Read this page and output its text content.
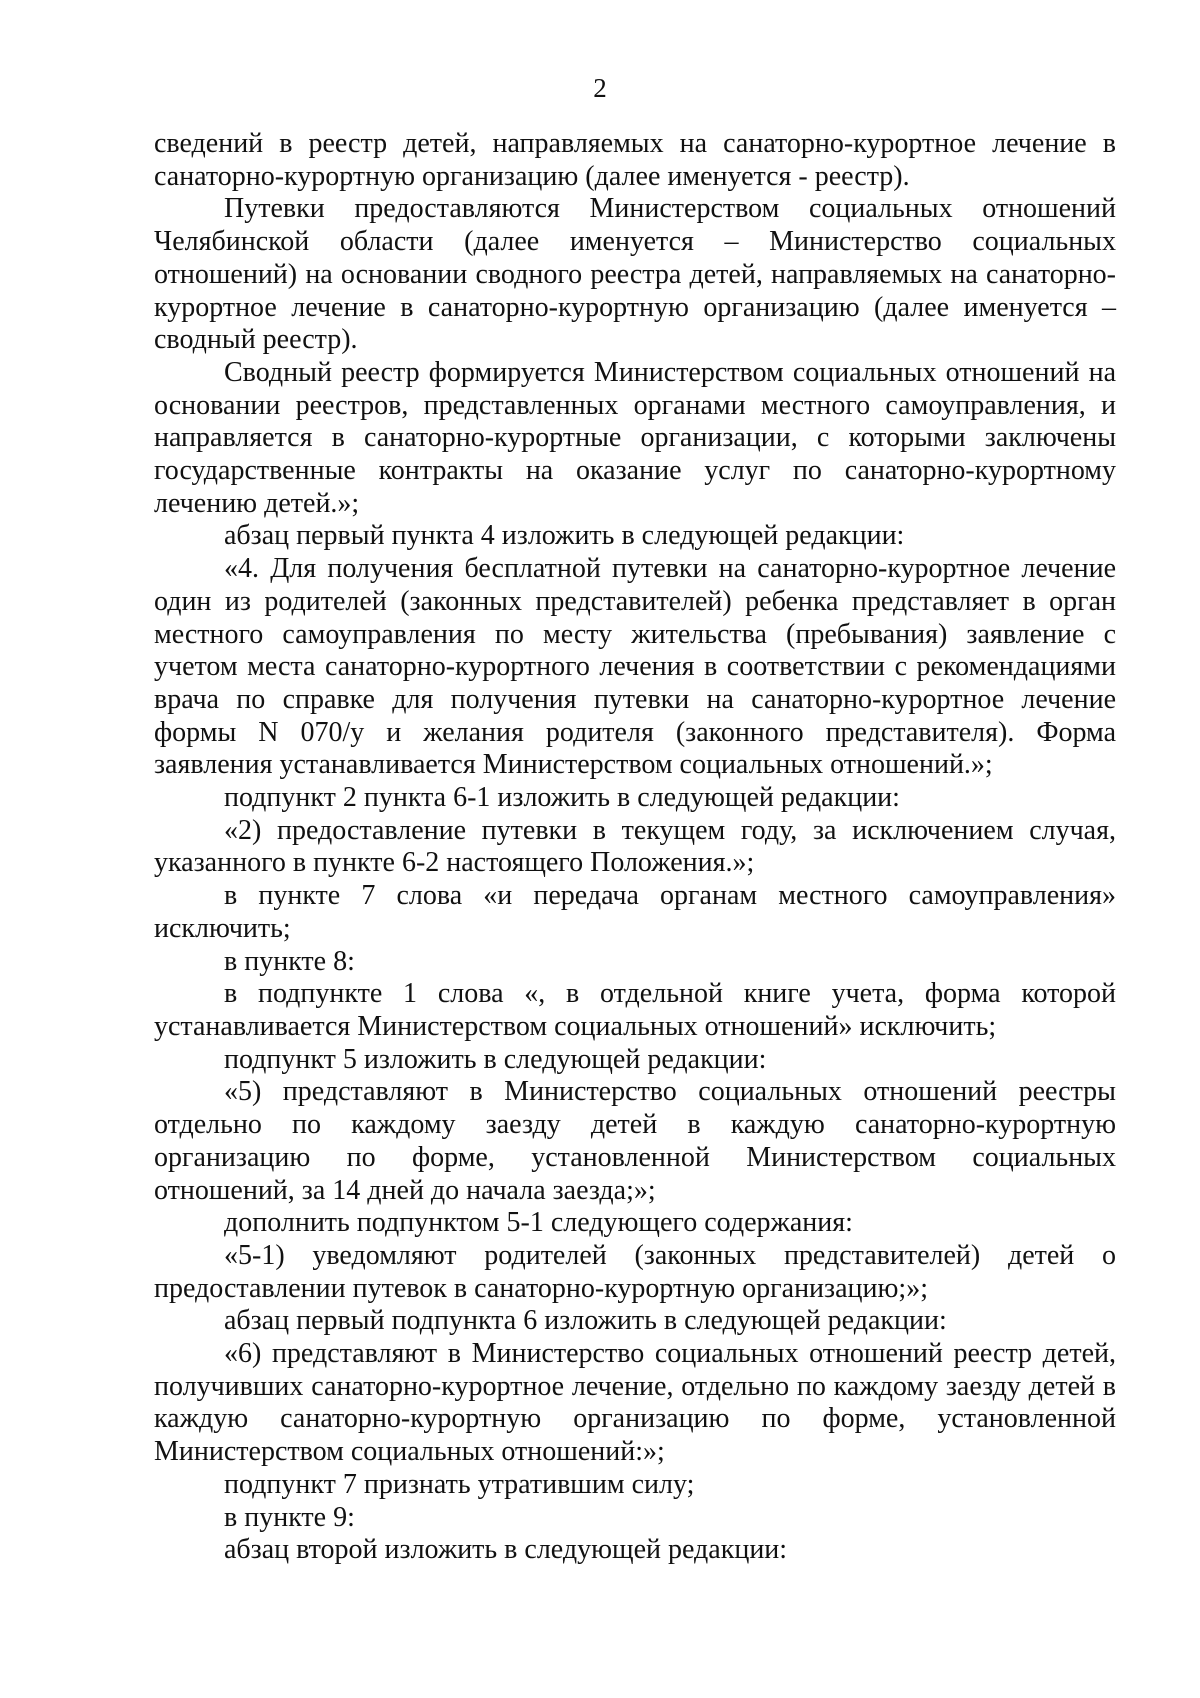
2

сведений в реестр детей, направляемых на санаторно-курортное лечение в санаторно-курортную организацию (далее именуется - реестр).

Путевки предоставляются Министерством социальных отношений Челябинской области (далее именуется – Министерство социальных отношений) на основании сводного реестра детей, направляемых на санаторно-курортное лечение в санаторно-курортную организацию (далее именуется – сводный реестр).

Сводный реестр формируется Министерством социальных отношений на основании реестров, представленных органами местного самоуправления, и направляется в санаторно-курортные организации, с которыми заключены государственные контракты на оказание услуг по санаторно-курортному лечению детей.»;

абзац первый пункта 4 изложить в следующей редакции:

«4. Для получения бесплатной путевки на санаторно-курортное лечение один из родителей (законных представителей) ребенка представляет в орган местного самоуправления по месту жительства (пребывания) заявление с учетом места санаторно-курортного лечения в соответствии с рекомендациями врача по справке для получения путевки на санаторно-курортное лечение формы N 070/у и желания родителя (законного представителя). Форма заявления устанавливается Министерством социальных отношений.»;

подпункт 2 пункта 6-1 изложить в следующей редакции:

«2) предоставление путевки в текущем году, за исключением случая, указанного в пункте 6-2 настоящего Положения.»;

в пункте 7 слова «и передача органам местного самоуправления» исключить;

в пункте 8:

в подпункте 1 слова «, в отдельной книге учета, форма которой устанавливается Министерством социальных отношений» исключить;

подпункт 5 изложить в следующей редакции:

«5) представляют в Министерство социальных отношений реестры отдельно по каждому заезду детей в каждую санаторно-курортную организацию по форме, установленной Министерством социальных отношений, за 14 дней до начала заезда;»;

дополнить подпунктом 5-1 следующего содержания:

«5-1) уведомляют родителей (законных представителей) детей о предоставлении путевок в санаторно-курортную организацию;»;

абзац первый подпункта 6 изложить в следующей редакции:

«6) представляют в Министерство социальных отношений реестр детей, получивших санаторно-курортное лечение, отдельно по каждому заезду детей в каждую санаторно-курортную организацию по форме, установленной Министерством социальных отношений:»;

подпункт 7 признать утратившим силу;

в пункте 9:

абзац второй изложить в следующей редакции:
